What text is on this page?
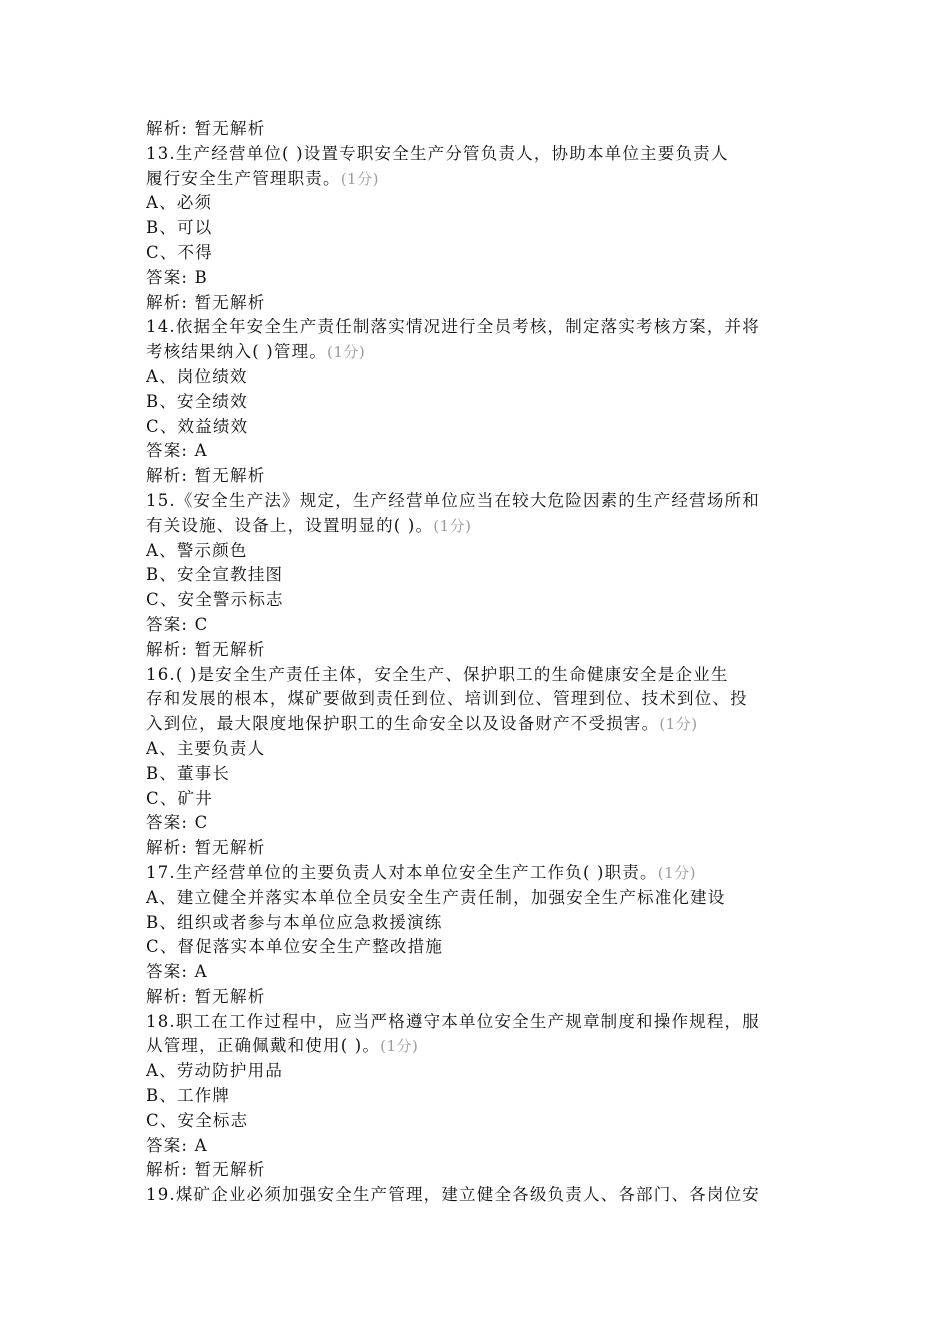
解析: 暂无解析
13.生产经营单位( )设置专职安全生产分管负责人，协助本单位主要负责人
履行安全生产管理职责。(1分)
A、必须
B、可以
C、不得
答案: B
解析: 暂无解析
14.依据全年安全生产责任制落实情况进行全员考核，制定落实考核方案，并将
考核结果纳入( )管理。(1分)
A、岗位绩效
B、安全绩效
C、效益绩效
答案: A
解析: 暂无解析
15.《安全生产法》规定，生产经营单位应当在较大危险因素的生产经营场所和
有关设施、设备上，设置明显的( )。(1分)
A、警示颜色
B、安全宣教挂图
C、安全警示标志
答案: C
解析: 暂无解析
16.( )是安全生产责任主体，安全生产、保护职工的生命健康安全是企业生
存和发展的根本，煤矿要做到责任到位、培训到位、管理到位、技术到位、投
入到位，最大限度地保护职工的生命安全以及设备财产不受损害。(1分)
A、主要负责人
B、董事长
C、矿井
答案: C
解析: 暂无解析
17.生产经营单位的主要负责人对本单位安全生产工作负( )职责。(1分)
A、建立健全并落实本单位全员安全生产责任制，加强安全生产标准化建设
B、组织或者参与本单位应急救援演练
C、督促落实本单位安全生产整改措施
答案: A
解析: 暂无解析
18.职工在工作过程中，应当严格遵守本单位安全生产规章制度和操作规程，服
从管理，正确佩戴和使用( )。(1分)
A、劳动防护用品
B、工作牌
C、安全标志
答案: A
解析: 暂无解析
19.煤矿企业必须加强安全生产管理，建立健全各级负责人、各部门、各岗位安
